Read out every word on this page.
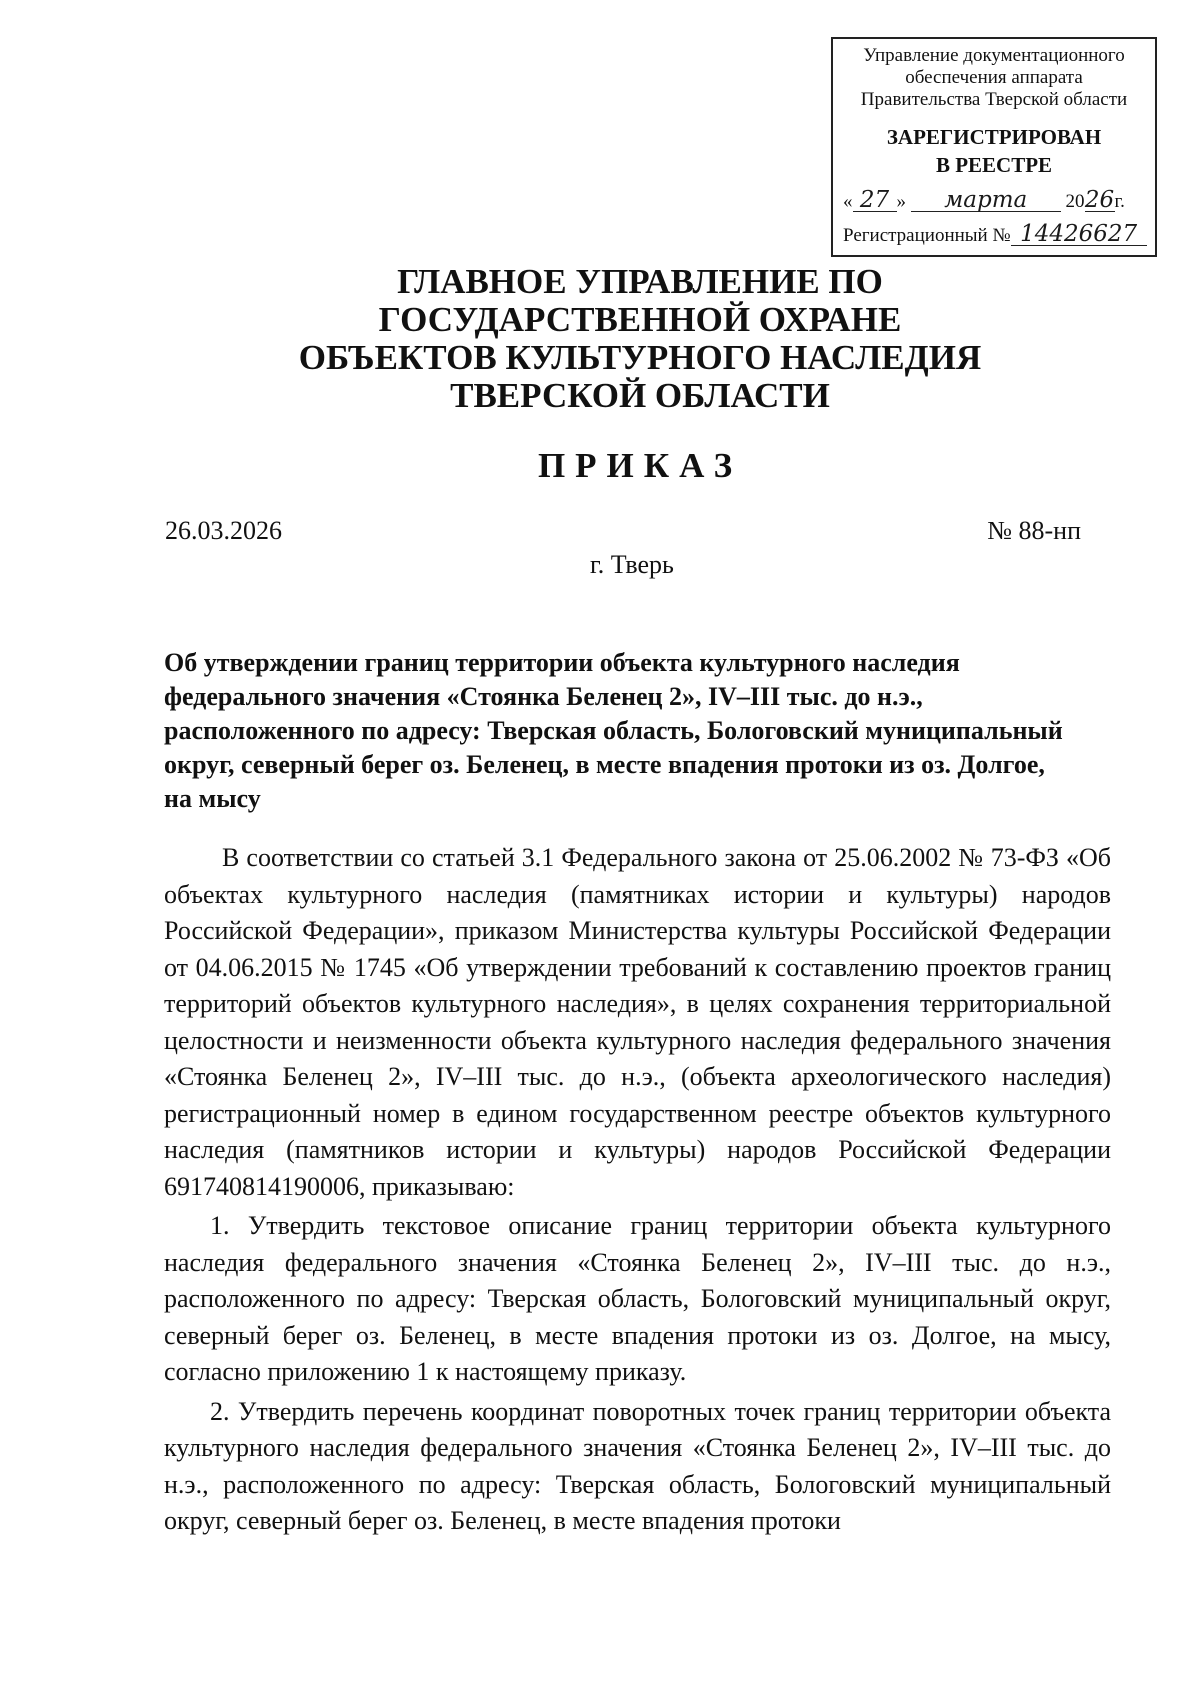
Управление документационного
обеспечения аппарата
Правительства Тверской области
ЗАРЕГИСТРИРОВАН
В РЕЕСТРЕ
« 27 » марта 2026г.
Регистрационный № 14426627
ГЛАВНОЕ УПРАВЛЕНИЕ ПО
ГОСУДАРСТВЕННОЙ ОХРАНЕ
ОБЪЕКТОВ КУЛЬТУРНОГО НАСЛЕДИЯ
ТВЕРСКОЙ ОБЛАСТИ
ПРИКАЗ
26.03.2026	№ 88-нп
г. Тверь
Об утверждении границ территории объекта культурного наследия федерального значения «Стоянка Беленец 2», IV–III тыс. до н.э., расположенного по адресу: Тверская область, Бологовский муниципальный округ, северный берег оз. Беленец, в месте впадения протоки из оз. Долгое, на мысу

В соответствии со статьей 3.1 Федерального закона от 25.06.2002 № 73-ФЗ «Об объектах культурного наследия (памятниках истории и культуры) народов Российской Федерации», приказом Министерства культуры Российской Федерации от 04.06.2015 № 1745 «Об утверждении требований к составлению проектов границ территорий объектов культурного наследия», в целях сохранения территориальной целостности и неизменности объекта культурного наследия федерального значения «Стоянка Беленец 2», IV–III тыс. до н.э., (объекта археологического наследия) регистрационный номер в едином государственном реестре объектов культурного наследия (памятников истории и культуры) народов Российской Федерации 691740814190006, приказываю:

1. Утвердить текстовое описание границ территории объекта культурного наследия федерального значения «Стоянка Беленец 2», IV–III тыс. до н.э., расположенного по адресу: Тверская область, Бологовский муниципальный округ, северный берег оз. Беленец, в месте впадения протоки из оз. Долгое, на мысу, согласно приложению 1 к настоящему приказу.

2. Утвердить перечень координат поворотных точек границ территории объекта культурного наследия федерального значения «Стоянка Беленец 2», IV–III тыс. до н.э., расположенного по адресу: Тверская область, Бологовский муниципальный округ, северный берег оз. Беленец, в месте впадения протоки
